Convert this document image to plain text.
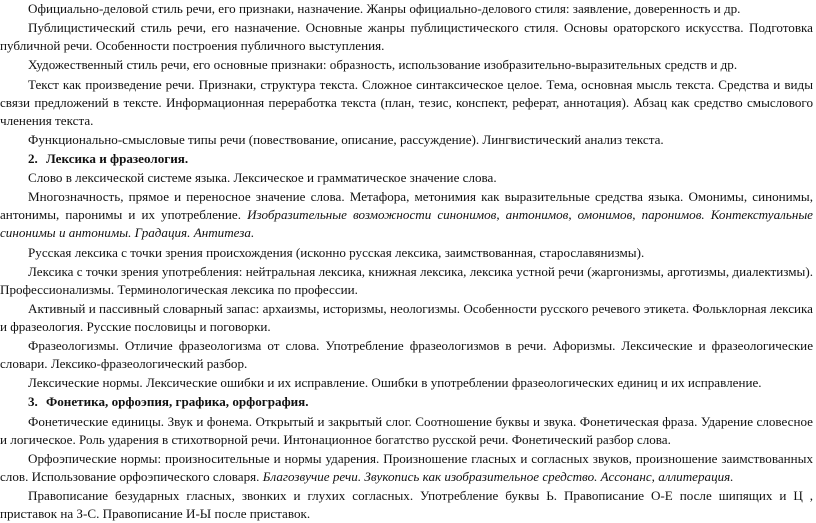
Официально-деловой стиль речи, его признаки, назначение. Жанры официально-делового стиля: заявление, доверенность и др.

Публицистический стиль речи, его назначение. Основные жанры публицистического стиля. Основы ораторского искусства. Подготовка публичной речи. Особенности построения публичного выступления.

Художественный стиль речи, его основные признаки: образность, использование изобразительно-выразительных средств и др.

Текст как произведение речи. Признаки, структура текста. Сложное синтаксическое целое. Тема, основная мысль текста. Средства и виды связи предложений в тексте. Информационная переработка текста (план, тезис, конспект, реферат, аннотация). Абзац как средство смыслового членения текста.

Функционально-смысловые типы речи (повествование, описание, рассуждение). Лингвистический анализ текста.

2. Лексика и фразеология.

Слово в лексической системе языка. Лексическое и грамматическое значение слова.

Многозначность, прямое и переносное значение слова. Метафора, метонимия как выразительные средства языка. Омонимы, синонимы, антонимы, паронимы и их употребление. Изобразительные возможности синонимов, антонимов, омонимов, паронимов. Контекстуальные синонимы и антонимы. Градация. Антитеза.

Русская лексика с точки зрения происхождения (исконно русская лексика, заимствованная, старославянизмы).

Лексика с точки зрения употребления: нейтральная лексика, книжная лексика, лексика устной речи (жаргонизмы, арготизмы, диалектизмы). Профессионализмы. Терминологическая лексика по профессии.

Активный и пассивный словарный запас: архаизмы, историзмы, неологизмы. Особенности русского речевого этикета. Фольклорная лексика и фразеология. Русские пословицы и поговорки.

Фразеологизмы. Отличие фразеологизма от слова. Употребление фразеологизмов в речи. Афоризмы. Лексические и фразеологические словари. Лексико-фразеологический разбор.

Лексические нормы. Лексические ошибки и их исправление. Ошибки в употреблении фразеологических единиц и их исправление.

3. Фонетика, орфоэпия, графика, орфография.

Фонетические единицы. Звук и фонема. Открытый и закрытый слог. Соотношение буквы и звука. Фонетическая фраза. Ударение словесное и логическое. Роль ударения в стихотворной речи. Интонационное богатство русской речи. Фонетический разбор слова.

Орфоэпические нормы: произносительные и нормы ударения. Произношение гласных и согласных звуков, произношение заимствованных слов. Использование орфоэпического словаря. Благозвучие речи. Звукопись как изобразительное средство. Ассонанс, аллитерация.

Правописание безударных гласных, звонких и глухих согласных. Употребление буквы Ь. Правописание О-Е после шипящих и Ц , приставок на З-С. Правописание И-Ы после приставок.
